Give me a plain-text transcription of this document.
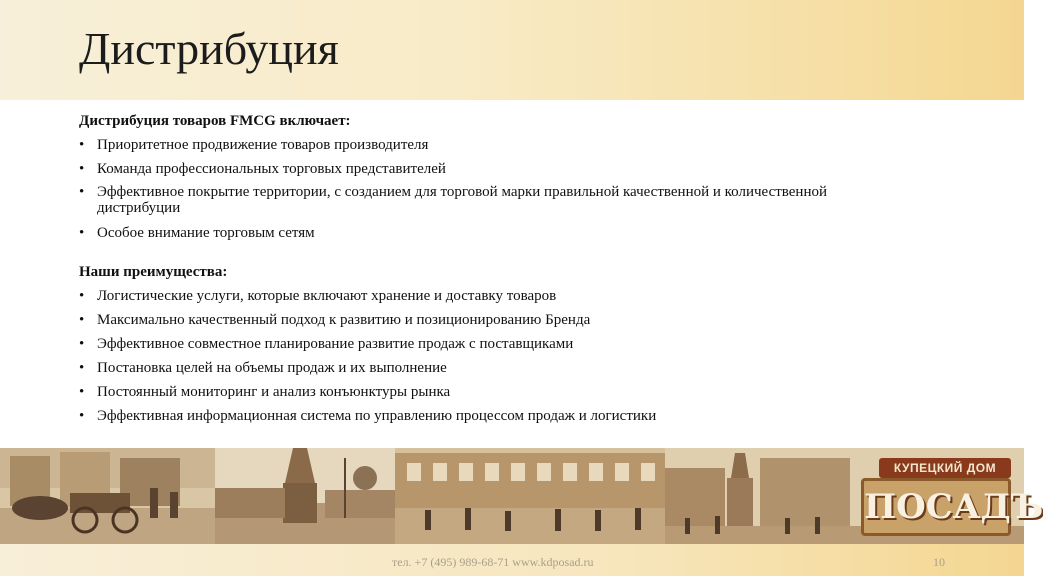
Дистрибуция
Дистрибуция товаров FMCG включает:
• Приоритетное продвижение товаров производителя
• Команда профессиональных торговых представителей
• Эффективное покрытие территории, с созданием для торговой марки правильной качественной и количественной дистрибуции
• Особое внимание торговым сетям
Наши преимущества:
• Логистические услуги, которые включают хранение и доставку товаров
• Максимально качественный подход к развитию и позиционированию Бренда
• Эффективное совместное планирование развитие продаж с поставщиками
• Постановка целей на объемы продаж и их выполнение
• Постоянный мониторинг и анализ конъюнктуры рынка
• Эффективная информационная система по управлению процессом продаж и логистики
КУПЕЦКИЙ ДОМ
ПОСАДЪ
тел. +7 (495) 989-68-71 www.kdposad.ru	10
